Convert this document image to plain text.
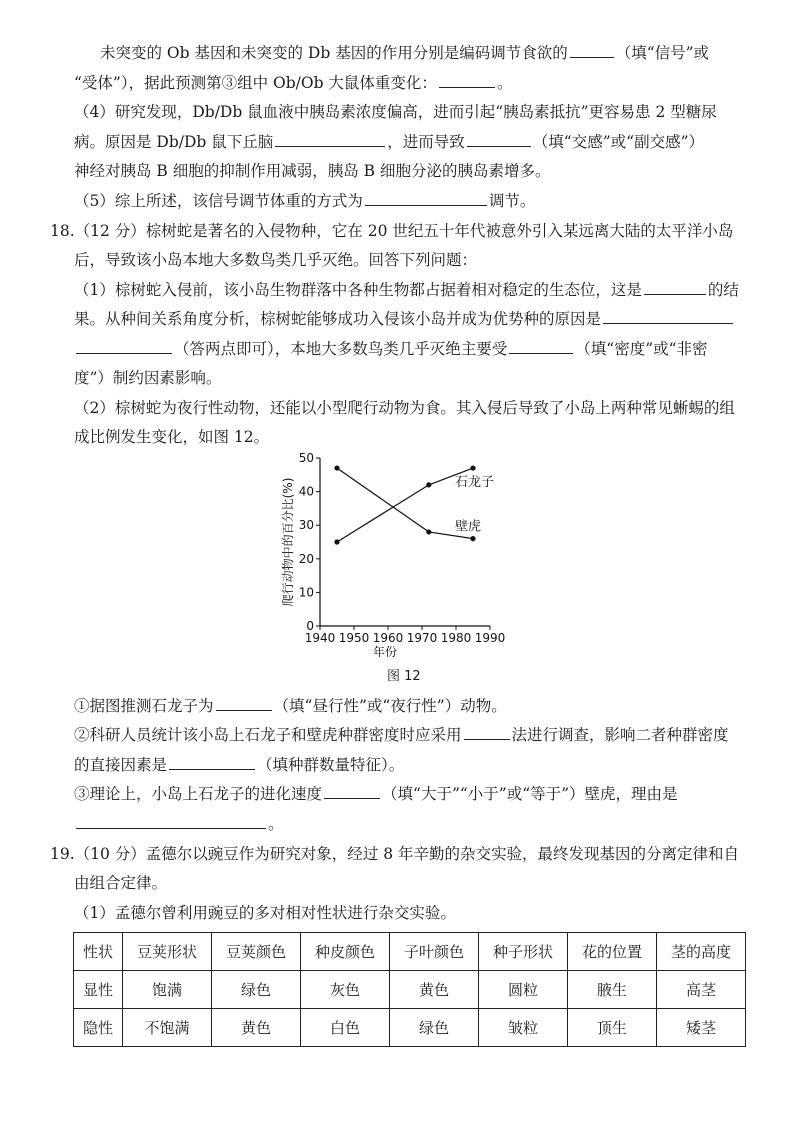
未突变的 Ob 基因和未突变的 Db 基因的作用分别是编码调节食欲的	（填“信号”或
“受体”），据此预测第③组中 Ob/Ob 大鼠体重变化：	。
（4）研究发现，Db/Db 鼠血液中胰岛素浓度偏高，进而引起“胰岛素抵抗”更容易患 2 型糖尿
病。原因是 Db/Db 鼠下丘脑	，进而导致	（填“交感”或“副交感”）
神经对胰岛 B 细胞的抑制作用减弱，胰岛 B 细胞分泌的胰岛素增多。
（5）综上所述，该信号调节体重的方式为	调节。
18.（12 分）棕树蛇是著名的入侵物种，它在 20 世纪五十年代被意外引入某远离大陆的太平洋小岛
后，导致该小岛本地大多数鸟类几乎灭绝。回答下列问题：
（1）棕树蛇入侵前，该小岛生物群落中各种生物都占据着相对稳定的生态位，这是	的结
果。从种间关系角度分析，棕树蛇能够成功入侵该小岛并成为优势种的原因是
（答两点即可），本地大多数鸟类几乎灭绝主要受	（填“密度”或“非密
度”）制约因素影响。
（2）棕树蛇为夜行性动物，还能以小型爬行动物为食。其入侵后导致了小岛上两种常见蜥蜴的组
成比例发生变化，如图 12。
①据图推测石龙子为	（填“昼行性”或“夜行性”）动物。
②科研人员统计该小岛上石龙子和壁虎种群密度时应采用	法进行调查，影响二者种群密度
的直接因素是	（填种群数量特征）。
③理论上，小岛上石龙子的进化速度	（填“大于”“小于”或“等于”）壁虎，理由是
。
19.（10 分）孟德尔以豌豆作为研究对象，经过 8 年辛勤的杂交实验，最终发现基因的分离定律和自
由组合定律。
（1）孟德尔曾利用豌豆的多对相对性状进行杂交实验。
1940 1950 1960 1970 1980 1990
0
10
20
30
40
50
年份
爬行动物中的百分比(%)	石龙子
壁虎
图 12
性状	豆荚形状	豆荚颜色	种皮颜色	子叶颜色	种子形状	花的位置	茎的高度
显性	饱满	绿色	灰色	黄色	圆粒	腋生	高茎
隐性	不饱满	黄色	白色	绿色	皱粒	顶生	矮茎
